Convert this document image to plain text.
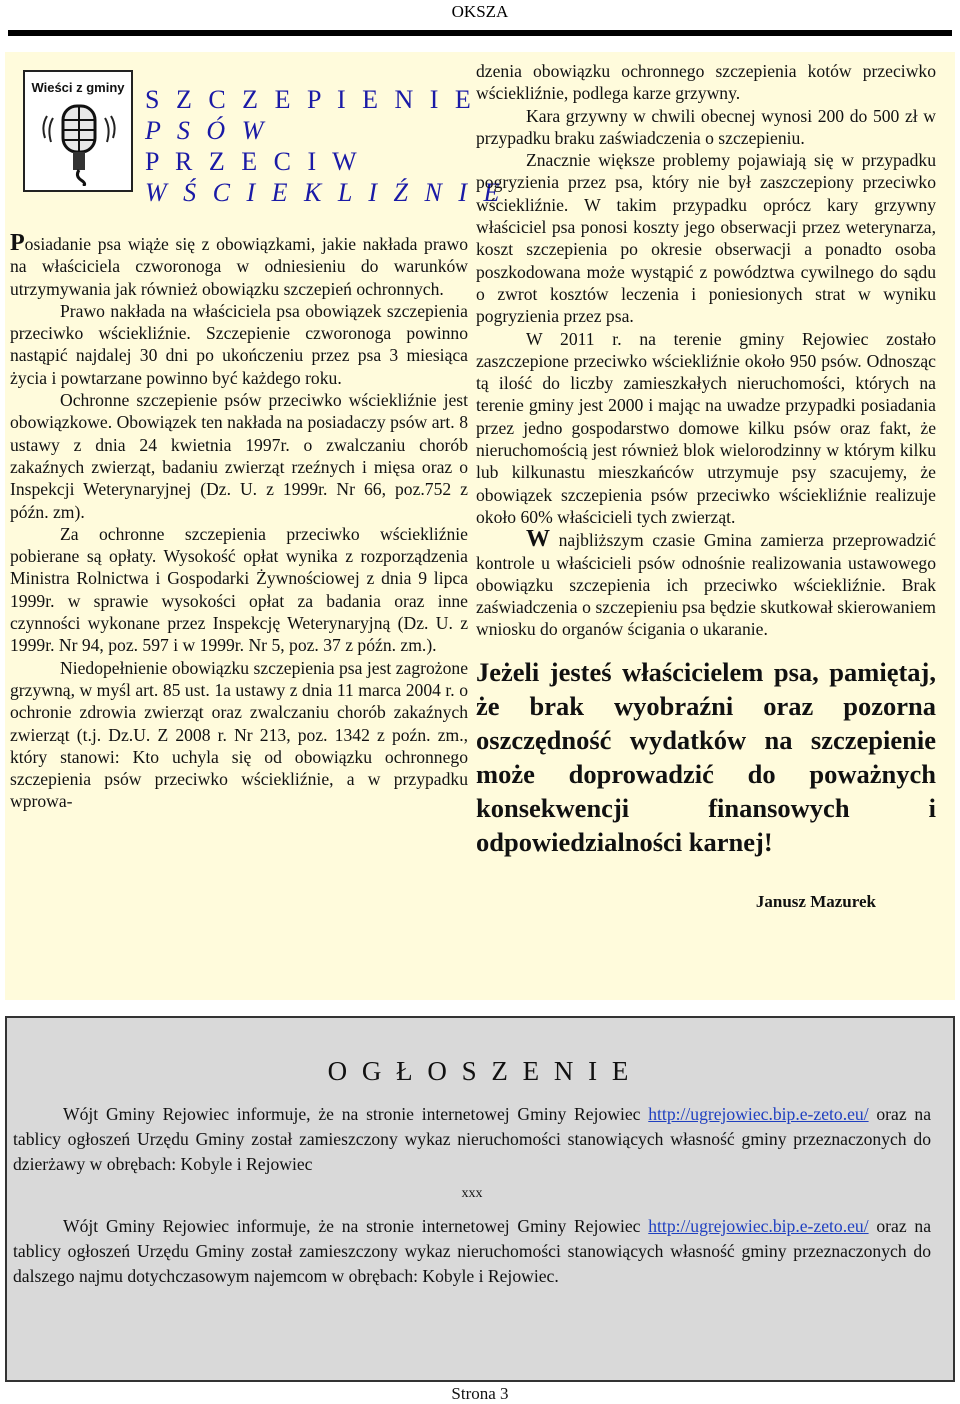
OKSZA
Wieści z gminy S Z C Z E P I E N I E
P S Ó W
P R Z E C I W
W Ś C I E K L I Ź N I E

Posiadanie psa wiąże się z obowiązkami, jakie nakłada prawo na właściciela czworonoga w odniesieniu do warunków utrzymywania jak również obowiązku szczepień ochronnych.

Prawo nakłada na właściciela psa obowiązek szczepienia przeciwko wściekliźnie. Szczepienie czworonoga powinno nastąpić najdalej 30 dni po ukończeniu przez psa 3 miesiąca życia i powtarzane powinno być każdego roku.

Ochronne szczepienie psów przeciwko wściekliźnie jest obowiązkowe. Obowiązek ten nakłada na posiadaczy psów art. 8 ustawy z dnia 24 kwietnia 1997r. o zwalczaniu chorób zakaźnych zwierząt, badaniu zwierząt rzeźnych i mięsa oraz o Inspekcji Weterynaryjnej (Dz. U. z 1999r. Nr 66, poz.752 z późn. zm).

Za ochronne szczepienia przeciwko wściekliźnie pobierane są opłaty. Wysokość opłat wynika z rozporządzenia Ministra Rolnictwa i Gospodarki Żywnościowej z dnia 9 lipca 1999r. w sprawie wysokości opłat za badania oraz inne czynności wykonane przez Inspekcję Weterynaryjną (Dz. U. z 1999r. Nr 94, poz. 597 i w 1999r. Nr 5, poz. 37 z późn. zm.).

Niedopełnienie obowiązku szczepienia psa jest zagrożone grzywną, w myśl art. 85 ust. 1a ustawy z dnia 11 marca 2004 r. o ochronie zdrowia zwierząt oraz zwalczaniu chorób zakaźnych zwierząt (t.j. Dz.U. Z 2008 r. Nr 213, poz. 1342 z poźn. zm., który stanowi: Kto uchyla się od obowiązku ochronnego szczepienia psów przeciwko wściekliźnie, a w przypadku wprowa-

dzenia obowiązku ochronnego szczepienia kotów przeciwko wściekliźnie, podlega karze grzywny.

Kara grzywny w chwili obecnej wynosi 200 do 500 zł w przypadku braku zaświadczenia o szczepieniu.

Znacznie większe problemy pojawiają się w przypadku pogryzienia przez psa, który nie był zaszczepiony przeciwko wściekliźnie. W takim przypadku oprócz kary grzywny właściciel psa ponosi koszty jego obserwacji przez weterynarza, koszt szczepienia po okresie obserwacji a ponadto osoba poszkodowana może wystąpić z powództwa cywilnego do sądu o zwrot kosztów leczenia i poniesionych strat w wyniku pogryzienia przez psa.

W 2011 r. na terenie gminy Rejowiec zostało zaszczepione przeciwko wściekliźnie około 950 psów. Odnosząc tą ilość do liczby zamieszkałych nieruchomości, których na terenie gminy jest 2000 i mając na uwadze przypadki posiadania przez jedno gospodarstwo domowe kilku psów oraz fakt, że nieruchomością jest również blok wielorodzinny w którym kilku lub kilkunastu mieszkańców utrzymuje psy szacujemy, że obowiązek szczepienia psów przeciwko wściekliźnie realizuje około 60% właścicieli tych zwierząt.

W najbliższym czasie Gmina zamierza przeprowadzić kontrole u właścicieli psów odnośnie realizowania ustawowego obowiązku szczepienia ich przeciwko wściekliźnie. Brak zaświadczenia o szczepieniu psa będzie skutkował skierowaniem wniosku do organów ścigania o ukaranie.

Jeżeli jesteś właścicielem psa, pamiętaj, że brak wyobraźni oraz pozorna oszczędność wydatków na szczepienie może doprowadzić do poważnych konsekwencji finansowych i odpowiedzialności karnej!
Janusz Mazurek
O G Ł O S Z E N I E

Wójt Gminy Rejowiec informuje, że na stronie internetowej Gminy Rejowiec http://ugrejowiec.bip.e-zeto.eu/ oraz na tablicy ogłoszeń Urzędu Gminy został zamieszczony wykaz nieruchomości stanowiących własność gminy przeznaczonych do dzierżawy w obrębach: Kobyle i Rejowiec

xxx

Wójt Gminy Rejowiec informuje, że na stronie internetowej Gminy Rejowiec http://ugrejowiec.bip.e-zeto.eu/ oraz na tablicy ogłoszeń Urzędu Gminy został zamieszczony wykaz nieruchomości stanowiących własność gminy przeznaczonych do dalszego najmu dotychczasowym najemcom w obrębach: Kobyle i Rejowiec.

Strona 3
